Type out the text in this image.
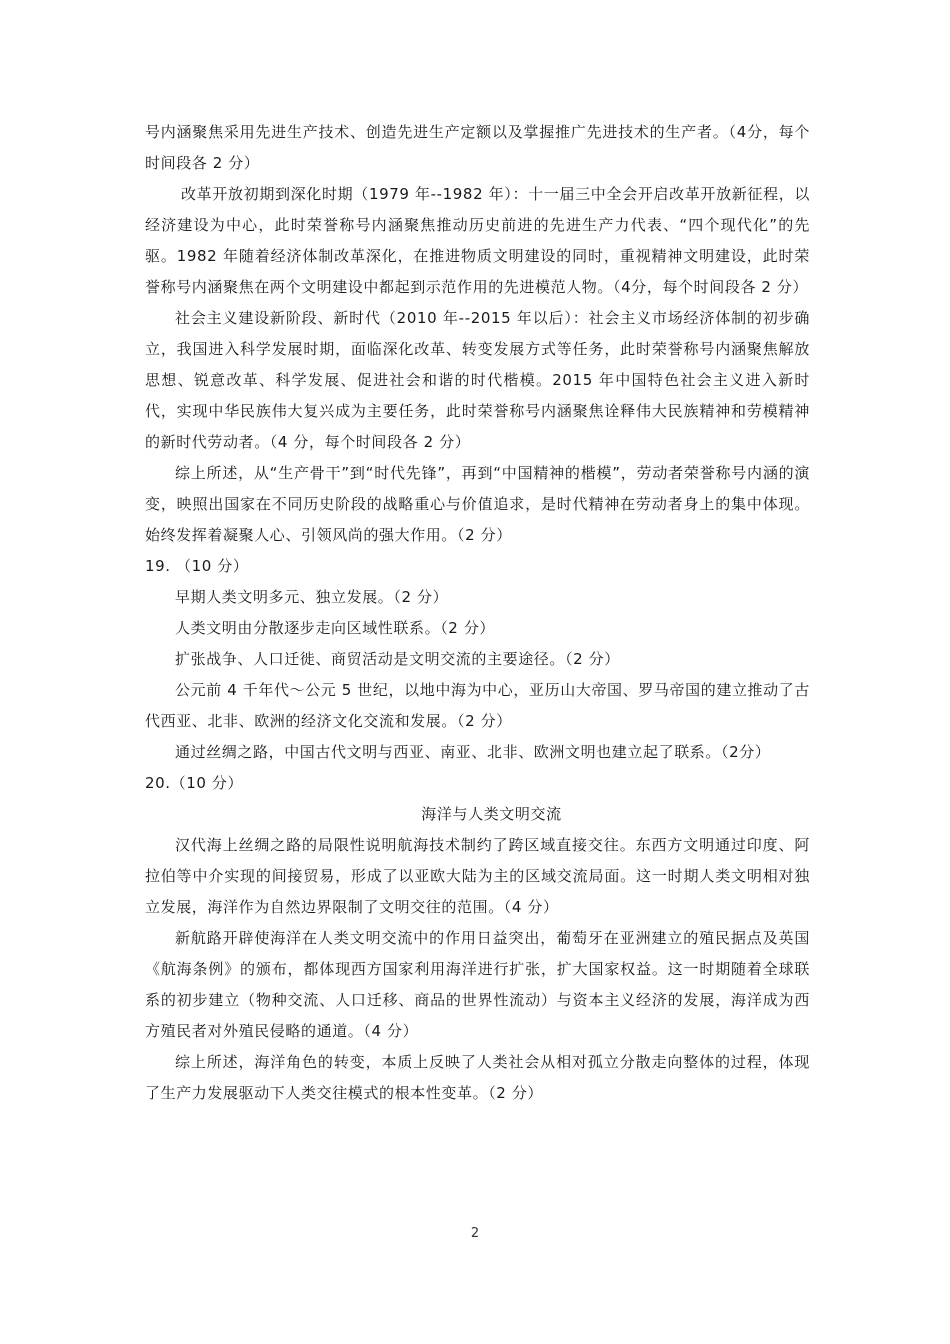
号内涵聚焦采用先进生产技术、创造先进生产定额以及掌握推广先进技术的生产者。（4分，每个时间段各 2 分）

改革开放初期到深化时期（1979 年--1982 年）：十一届三中全会开启改革开放新征程，以经济建设为中心，此时荣誉称号内涵聚焦推动历史前进的先进生产力代表、“四个现代化”的先驱。1982 年随着经济体制改革深化，在推进物质文明建设的同时，重视精神文明建设，此时荣誉称号内涵聚焦在两个文明建设中都起到示范作用的先进模范人物。（4分，每个时间段各 2 分）

社会主义建设新阶段、新时代（2010 年--2015 年以后）：社会主义市场经济体制的初步确立，我国进入科学发展时期，面临深化改革、转变发展方式等任务，此时荣誉称号内涵聚焦解放思想、锐意改革、科学发展、促进社会和谐的时代楷模。2015 年中国特色社会主义进入新时代，实现中华民族伟大复兴成为主要任务，此时荣誉称号内涵聚焦诠释伟大民族精神和劳模精神的新时代劳动者。（4 分，每个时间段各 2 分）

综上所述，从“生产骨干”到“时代先锋”，再到“中国精神的楷模”，劳动者荣誉称号内涵的演变，映照出国家在不同历史阶段的战略重心与价值追求，是时代精神在劳动者身上的集中体现。始终发挥着凝聚人心、引领风尚的强大作用。（2 分）

19. （10 分）

早期人类文明多元、独立发展。（2 分）

人类文明由分散逐步走向区域性联系。（2 分）

扩张战争、人口迁徙、商贸活动是文明交流的主要途径。（2 分）

公元前 4 千年代～公元 5 世纪，以地中海为中心，亚历山大帝国、罗马帝国的建立推动了古代西亚、北非、欧洲的经济文化交流和发展。（2 分）

通过丝绸之路，中国古代文明与西亚、南亚、北非、欧洲文明也建立起了联系。（2分）

20.（10 分）

海洋与人类文明交流

汉代海上丝绸之路的局限性说明航海技术制约了跨区域直接交往。东西方文明通过印度、阿拉伯等中介实现的间接贸易，形成了以亚欧大陆为主的区域交流局面。这一时期人类文明相对独立发展，海洋作为自然边界限制了文明交往的范围。（4 分）

新航路开辟使海洋在人类文明交流中的作用日益突出，葡萄牙在亚洲建立的殖民据点及英国《航海条例》的颁布，都体现西方国家利用海洋进行扩张，扩大国家权益。这一时期随着全球联系的初步建立（物种交流、人口迁移、商品的世界性流动）与资本主义经济的发展，海洋成为西方殖民者对外殖民侵略的通道。（4 分）

综上所述，海洋角色的转变，本质上反映了人类社会从相对孤立分散走向整体的过程，体现了生产力发展驱动下人类交往模式的根本性变革。（2 分）

2
